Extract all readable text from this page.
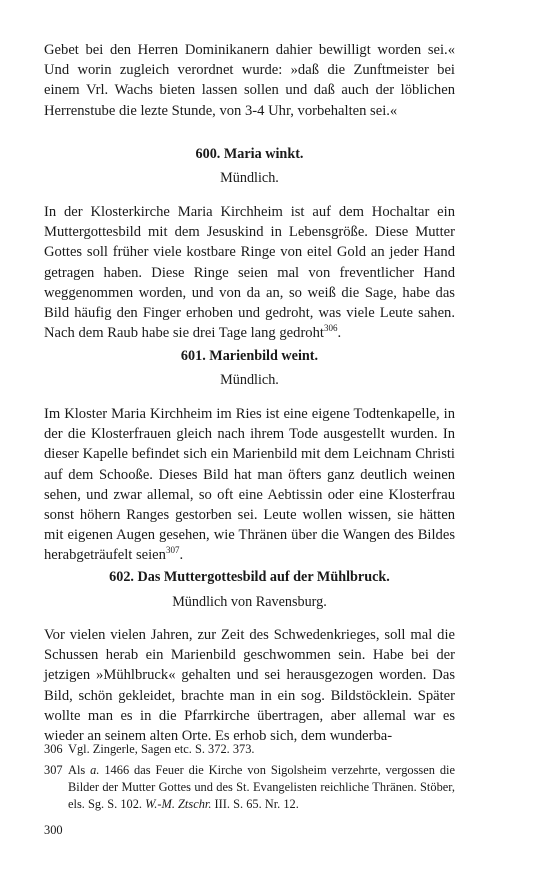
Gebet bei den Herren Dominikanern dahier bewilligt worden sei.« Und worin zugleich verordnet wurde: »daß die Zunftmeister bei einem Vrl. Wachs bieten lassen sollen und daß auch der löblichen Herrenstube die lezte Stunde, von 3-4 Uhr, vorbehalten sei.«

600. Maria winkt.

Mündlich.

In der Klosterkirche Maria Kirchheim ist auf dem Hochaltar ein Muttergottesbild mit dem Jesuskind in Lebensgröße. Diese Mutter Gottes soll früher viele kostbare Ringe von eitel Gold an jeder Hand getragen haben. Diese Ringe seien mal von freventlicher Hand weggenommen worden, und von da an, so weiß die Sage, habe das Bild häufig den Finger erhoben und gedroht, was viele Leute sahen. Nach dem Raub habe sie drei Tage lang gedroht$^{306}$.

601. Marienbild weint.

Mündlich.

Im Kloster Maria Kirchheim im Ries ist eine eigene Todtenkapelle, in der die Klosterfrauen gleich nach ihrem Tode ausgestellt wurden. In dieser Kapelle befindet sich ein Marienbild mit dem Leichnam Christi auf dem Schooße. Dieses Bild hat man öfters ganz deutlich weinen sehen, und zwar allemal, so oft eine Aebtissin oder eine Klosterfrau sonst höhern Ranges gestorben sei. Leute wollen wissen, sie hätten mit eigenen Augen gesehen, wie Thränen über die Wangen des Bildes herabgeträufelt seien$^{307}$.

602. Das Muttergottesbild auf der Mühlbruck.

Mündlich von Ravensburg.

Vor vielen vielen Jahren, zur Zeit des Schwedenkrieges, soll mal die Schussen herab ein Marienbild geschwommen sein. Habe bei der jetzigen »Mühlbruck« gehalten und sei herausgezogen worden. Das Bild, schön gekleidet, brachte man in ein sog. Bildstöcklein. Später wollte man es in die Pfarrkirche übertragen, aber allemal war es wieder an seinem alten Orte. Es erhob sich, dem wunderba-

306 Vgl. Zingerle, Sagen etc. S. 372. 373.
307 Als a. 1466 das Feuer die Kirche von Sigolsheim verzehrte, vergossen die Bilder der Mutter Gottes und des St. Evangelisten reichliche Thränen. Stöber, els. Sg. S. 102. W.-M. Ztschr. III. S. 65. Nr. 12.
300
